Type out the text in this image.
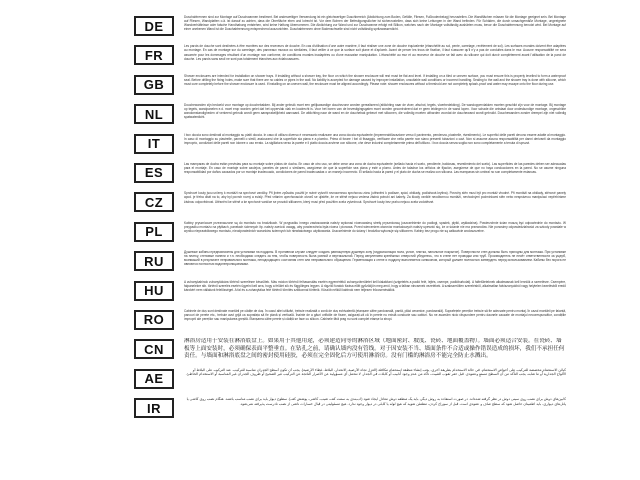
DE
Duschabtrennen sind zur Montage auf Duschwannen bestimmt. Bei anderweitiger Verwendung ist ein gleichwertiger Duschbereich (Abdichtung zum Boden, Gefälle, Fliesen, Fußbodenbelag) herzustellen. Die Wandflächen müssen für die Montage geeignet sein. Bei Montage auf Fliesen, Wandplatten o.ä. ist darauf zu achten, dass die Oberfläche eben und lotrecht ist. Vor dem Bohren der Befestigungslöcher ist sicherzustellen, dass sich keine Leitungen in der Wand befinden. Für Schäden, die durch unsachgemäße Montage, ungeeignete Wandverhältnisse oder falsche Handhabung entstehen, wird keine Haftung übernommen. Die Abdichtung zur Wand und zur Duschwanne erfolgt mit Silikon, welches nach der Montage vollständig aushärten muss, bevor die Duschabtrennung benutzt wird. Bei Montage auf einer unebenen Wand ist die Duschabtrennung entsprechend auszurichten. Duschabtrennen ohne Bodenschwelle sind nicht vollständig spritzwasserdicht.
FR
Les parois de douche sont destinées à être montées sur des receveurs de douche. En cas d'utilisation d'une autre manière, il faut réaliser une zone de douche équivalente (étanchéité au sol, pente, carrelage, revêtement de sol). Les surfaces murales doivent être adaptées au montage. En cas de montage sur du carrelage, des panneaux muraux ou similaires, il faut veiller à ce que la surface soit plane et d'aplomb. Avant de percer les trous de fixation, il faut s'assurer qu'il n'y a pas de conduites dans le mur. Aucune responsabilité ne sera assumée pour les dommages résultant d'un montage non conforme, de conditions murales inadaptées ou d'une mauvaise manipulation. L'étanchéité au mur et au receveur de douche se fait avec du silicone qui doit durcir complètement avant l'utilisation de la paroi de douche. Les parois sans seuil ne sont pas totalement étanches aux éclaboussures.
GB
Shower enclosures are intended for installation on shower trays. If installing without a shower tray, the floor on which the shower enclosure will rest must be flat and level. If installing on a tiled or uneven surface, you must ensure this is properly levelled to form a waterproof seal. Before drilling the fixing holes, make sure that there are no cables or pipes in the wall. No liability is accepted for damage caused by improper installation, unsuitable wall conditions or incorrect handling. Sealing to the wall and the shower tray is done with silicone, which must cure completely before the shower enclosure is used. If installing on an uneven wall, the enclosure must be aligned accordingly. Please note: shower enclosures without a threshold are not completely splash-proof and water may escape onto the floor during use.
NL
Douchewanden zijn bedoeld voor montage op douchebakken. Bij ander gebruik moet een gelijkwaardige douchezone worden gerealiseerd (afdichting naar de vloer, afschot, tegels, vloerbedekking). De wandoppervlakken moeten geschikt zijn voor de montage. Bij montage op tegels, wandpanelen e.d. moet erop worden gelet dat het oppervlak vlak en loodrecht is. Voor het boren van de bevestigingsgaten moet worden gecontroleerd dat er geen leidingen in de wand lopen. Voor schade die ontstaat door ondeskundige montage, ongeschikte wandomstandigheden of verkeerd gebruik wordt geen aansprakelijkheid aanvaard. De afdichting naar de wand en de douchebak gebeurt met siliconen, die volledig moeten uitharden voordat de douchewand wordt gebruikt. Douchewanden zonder drempel zijn niet volledig spatwaterdicht.
IT
I box doccia sono destinati al montaggio su piatti doccia. In caso di utilizzo diverso è necessario realizzare una zona doccia equivalente (impermeabilizzazione verso il pavimento, pendenza, piastrelle, rivestimento). Le superfici delle pareti devono essere adatte al montaggio. In caso di montaggio su piastrelle, pannelli o simili, assicurarsi che la superficie sia piana e a piombo. Prima di forare i fori di fissaggio, verificare che nella parete non siano presenti tubazioni o cavi. Non si assume alcuna responsabilità per danni derivanti da montaggio improprio, condizioni delle pareti non idonee o uso errato. La sigillatura verso la parete e il piatto doccia avviene con silicone, che deve indurirsi completamente prima dell'utilizzo. I box doccia senza soglia non sono completamente a tenuta di spruzzi.
ES
Las mamparas de ducha están previstas para su montaje sobre platos de ducha. En caso de otro uso, se debe crear una zona de ducha equivalente (sellado hacia el suelo, pendiente, baldosas, revestimiento del suelo). Las superficies de las paredes deben ser adecuadas para el montaje. En caso de montaje sobre azulejos, paneles de pared o similares, asegúrese de que la superficie sea plana y esté a plomo. Antes de taladrar los orificios de fijación, asegúrese de que no haya conducciones en la pared. No se asume ninguna responsabilidad por daños causados por un montaje inadecuado, condiciones de pared inadecuadas o un manejo incorrecto. El sellado hacia la pared y el plato de ducha se realiza con silicona. Las mamparas sin umbral no son completamente estancas.
CZ
Sprchové kouty jsou určeny k montáži na sprchové vaničky. Při jiném způsobu použití je nutné vytvořit rovnocennou sprchovou zónu (utěsnění k podlaze, spád, obklady, podlahová krytina). Povrchy stěn musí být pro montáž vhodné. Při montáži na obklady, stěnové panely apod. je třeba dbát na to, aby byl povrch rovný a svislý. Před vrtáním upevňovacích otvorů se ujistěte, že ve stěně nejsou vedena žádná potrubí ani kabely. Za škody vzniklé neodbornou montáží, nevhodnými podmínkami stěn nebo nesprávnou manipulací nepřebíráme žádnou odpovědnost. Utěsnění ke stěně a ke sprchové vaničce se provádí silikonem, který musí před použitím zcela vytvrdnout. Sprchové kouty bez prahu nejsou zcela vodotěsné.
PL
Kabiny prysznicowe przeznaczone są do montażu na brodzikach. W przypadku innego zastosowania należy wykonać równoważną strefę prysznicową (uszczelnienie do podłogi, spadek, płytki, wykładzina). Powierzchnie ścian muszą być odpowiednie do montażu. W przypadku montażu na płytkach, panelach ściennych itp. należy zwrócić uwagę, aby powierzchnia była równa i pionowa. Przed wierceniem otworów montażowych należy upewnić się, że w ścianie nie ma przewodów. Nie ponosimy odpowiedzialności za szkody powstałe w wyniku nieprawidłowego montażu, nieodpowiednich warunków ściennych lub niewłaściwego użytkowania. Uszczelnienie do ściany i brodzika wykonuje się silikonem. Kabiny bez progu nie są całkowicie wodoszczelne.
RU
Душевые кабины предназначены для установки на поддоны. В противном случае следует создать равноценную душевую зону (гидроизоляция пола, уклон, плитка, напольное покрытие). Поверхности стен должны быть пригодны для монтажа. При установке на плитку, стеновые панели и т.п. необходимо следить за тем, чтобы поверхность была ровной и вертикальной. Перед сверлением крепёжных отверстий убедитесь, что в стене нет проводки или труб. Производитель не несёт ответственности за ущерб, возникший в результате неправильного монтажа, неподходящего состояния стен или неправильного обращения. Герметизация к стене и поддону выполняется силиконом, который должен полностью затвердеть перед использованием. Кабины без порога не являются полностью водонепроницаемыми.
HU
A zuhanykabinok zuhanytálcára történő szerelésre készültek. Más módon történő felhasználás esetén egyenértékű zuhanyzóterületet kell kialakítani (szigetelés a padló felé, lejtés, csempe, padlóburkolat). A falfelületeknek alkalmasnak kell lenniük a szerelésre. Csempére, falpanelekre stb. történő szerelés esetén ügyelni kell arra, hogy a felület sík és függőleges legyen. A rögzítő furatok fúrása előtt győződjön meg arról, hogy a falban nincsenek vezetékek. A szakszerűtlen szerelésből, alkalmatlan falviszonyokból vagy helytelen kezelésből eredő károkért nem vállalunk felelősséget. A fal és a zuhanytálca felé történő tömítés szilikonnal történik. Küszöb nélküli kabinok nem teljesen fröccsenésállók.
RO
Cabinele de duș sunt destinate montării pe cădițe de duș. În cazul altei utilizări, trebuie realizată o zonă de duș echivalentă (etanșare către pardoseală, pantă, plăci ceramice, pardoseală). Suprafețele pereților trebuie să fie adecvate pentru montaj. În cazul montării pe faianță, panouri de perete etc., trebuie avut grijă ca suprafața să fie plană și verticală. Înainte de a găuri orificiile de fixare, asigurați-vă că în perete nu există conducte sau cabluri. Nu ne asumăm nicio răspundere pentru daunele cauzate de montajul necorespunzător, condițiile improprii ale pereților sau manipularea greșită. Etanșarea către perete și cădiță se face cu silicon. Cabinele fără prag nu sunt complet etanșe la stropi.
CN
淋浴房适用于安装在淋浴底盘上。如果用于其他用途，必须建造同等的淋浴区域（地面密封、坡度、瓷砖、地面覆盖物）。墙面必须适合安装。在瓷砖、墙板等上面安装时，必须确保表面平整垂直。在钻孔之前，请确认墙内没有管线。对于因安装不当、墙面条件不合适或操作错误造成的损坏，我们不承担任何责任。与墙面和淋浴底盘之间的密封使用硅胶，必须在完全固化后方可使用淋浴房。没有门槛的淋浴房不能完全防止水溅出。
AE
كبائن الاستحمام مخصصة للتركيب على أحواض الاستحمام. في حالة الاستخدام بطريقة أخرى، يجب إنشاء منطقة استحمام مكافئة (العزل تجاه الأرضية، الانحدار، البلاط، غطاء الأرضية). يجب أن تكون أسطح الجدران مناسبة للتركيب. عند التركيب على البلاط أو الألواح الجدارية أو ما شابه، يجب التأكد من أن السطح مستوٍ وعمودي. قبل حفر ثقوب التثبيت، تأكد من عدم وجود أنابيب أو كابلات في الجدار. لا نتحمل أي مسؤولية عن الأضرار الناتجة عن التركيب غير الصحيح أو ظروف الجدران غير المناسبة أو الاستخدام الخاطئ.
IR
کابین‌های دوش برای نصب روی سینی دوش در نظر گرفته شده‌اند. در صورت استفاده به روش دیگر، باید یک منطقه دوش معادل ایجاد شود (آب‌بندی به سمت کف، شیب، کاشی، پوشش کف). سطوح دیوار باید برای نصب مناسب باشند. هنگام نصب روی کاشی یا پانل‌های دیواری، باید اطمینان حاصل شود که سطح صاف و عمودی است. قبل از سوراخ کردن، مطمئن شوید که هیچ لوله یا کابلی در دیوار وجود ندارد. هیچ مسئولیتی در قبال خسارات ناشی از نصب نادرست پذیرفته نمی‌شود.
